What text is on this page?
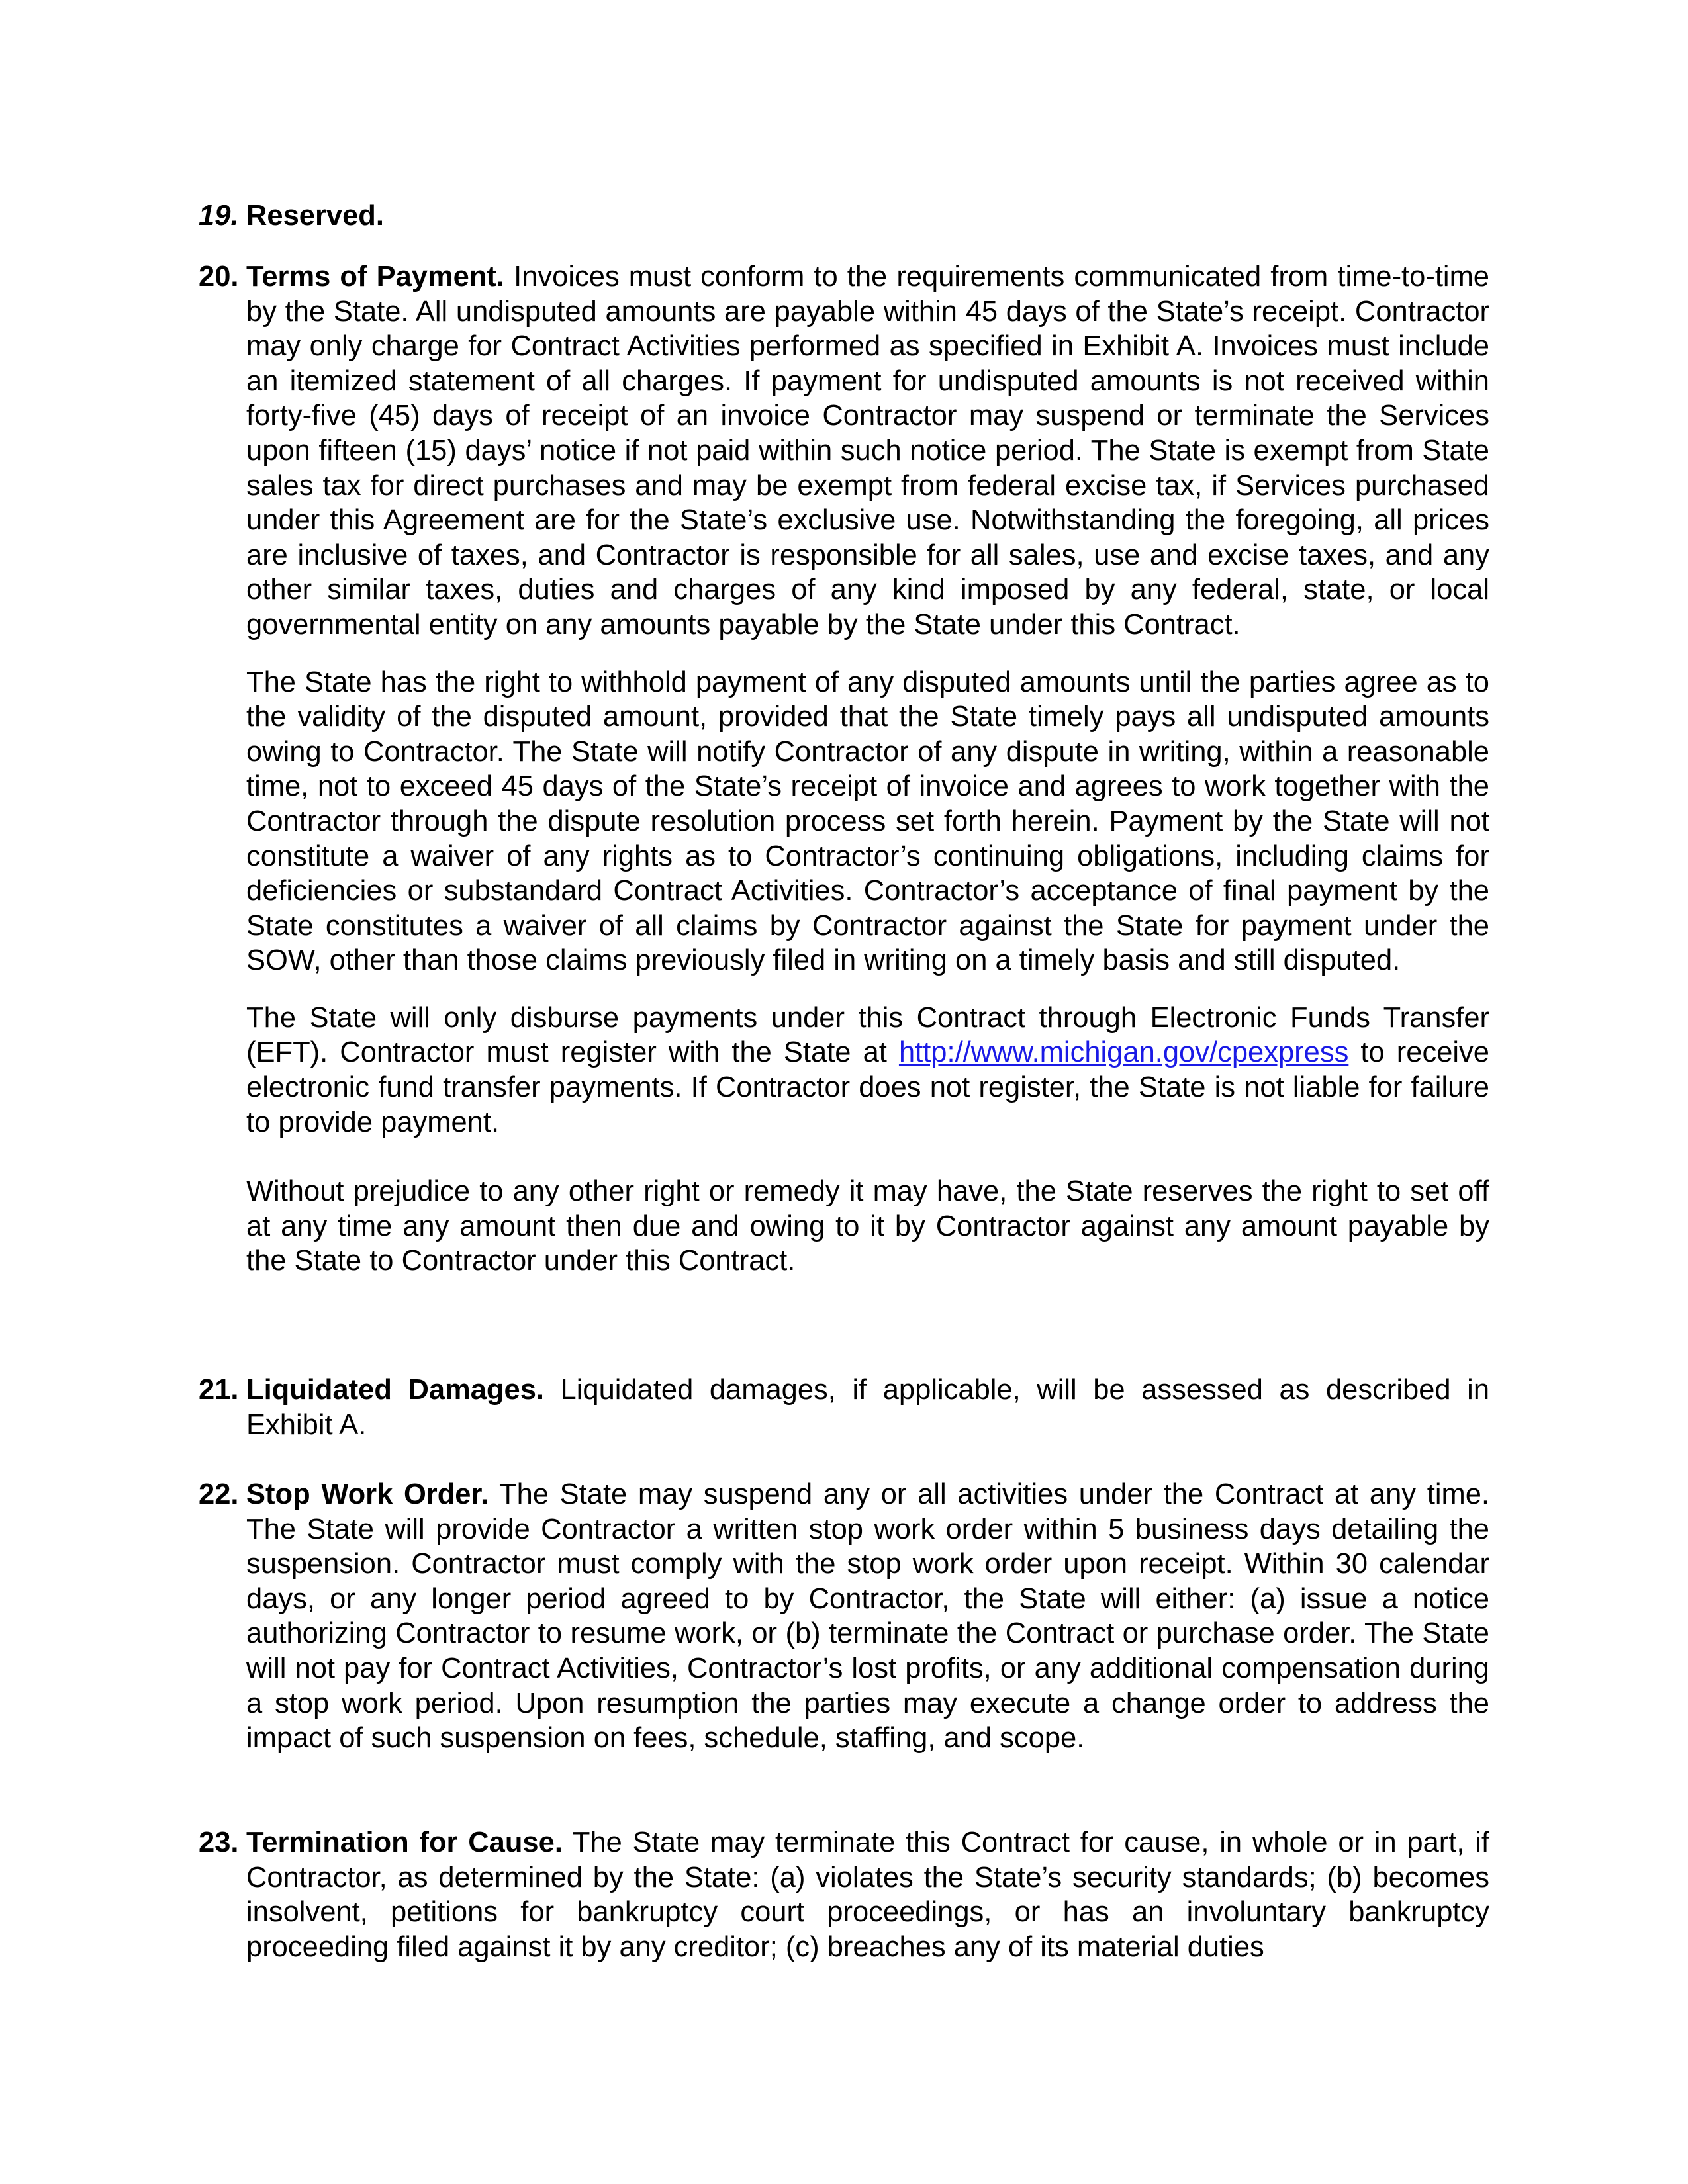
19. Reserved.
20. Terms of Payment. Invoices must conform to the requirements communicated from time-to-time by the State. All undisputed amounts are payable within 45 days of the State’s receipt. Contractor may only charge for Contract Activities performed as specified in Exhibit A. Invoices must include an itemized statement of all charges. If payment for undisputed amounts is not received within forty-five (45) days of receipt of an invoice Contractor may suspend or terminate the Services upon fifteen (15) days’ notice if not paid within such notice period. The State is exempt from State sales tax for direct purchases and may be exempt from federal excise tax, if Services purchased under this Agreement are for the State’s exclusive use. Notwithstanding the foregoing, all prices are inclusive of taxes, and Contractor is responsible for all sales, use and excise taxes, and any other similar taxes, duties and charges of any kind imposed by any federal, state, or local governmental entity on any amounts payable by the State under this Contract.

The State has the right to withhold payment of any disputed amounts until the parties agree as to the validity of the disputed amount, provided that the State timely pays all undisputed amounts owing to Contractor. The State will notify Contractor of any dispute in writing, within a reasonable time, not to exceed 45 days of the State’s receipt of invoice and agrees to work together with the Contractor through the dispute resolution process set forth herein. Payment by the State will not constitute a waiver of any rights as to Contractor’s continuing obligations, including claims for deficiencies or substandard Contract Activities. Contractor’s acceptance of final payment by the State constitutes a waiver of all claims by Contractor against the State for payment under the SOW, other than those claims previously filed in writing on a timely basis and still disputed.

The State will only disburse payments under this Contract through Electronic Funds Transfer (EFT). Contractor must register with the State at http://www.michigan.gov/cpexpress to receive electronic fund transfer payments. If Contractor does not register, the State is not liable for failure to provide payment.

Without prejudice to any other right or remedy it may have, the State reserves the right to set off at any time any amount then due and owing to it by Contractor against any amount payable by the State to Contractor under this Contract.

21. Liquidated Damages. Liquidated damages, if applicable, will be assessed as described in Exhibit A.

22. Stop Work Order. The State may suspend any or all activities under the Contract at any time. The State will provide Contractor a written stop work order within 5 business days detailing the suspension. Contractor must comply with the stop work order upon receipt. Within 30 calendar days, or any longer period agreed to by Contractor, the State will either: (a) issue a notice authorizing Contractor to resume work, or (b) terminate the Contract or purchase order. The State will not pay for Contract Activities, Contractor’s lost profits, or any additional compensation during a stop work period. Upon resumption the parties may execute a change order to address the impact of such suspension on fees, schedule, staffing, and scope.

23. Termination for Cause. The State may terminate this Contract for cause, in whole or in part, if Contractor, as determined by the State: (a) violates the State’s security standards; (b) becomes insolvent, petitions for bankruptcy court proceedings, or has an involuntary bankruptcy proceeding filed against it by any creditor; (c) breaches any of its material duties
